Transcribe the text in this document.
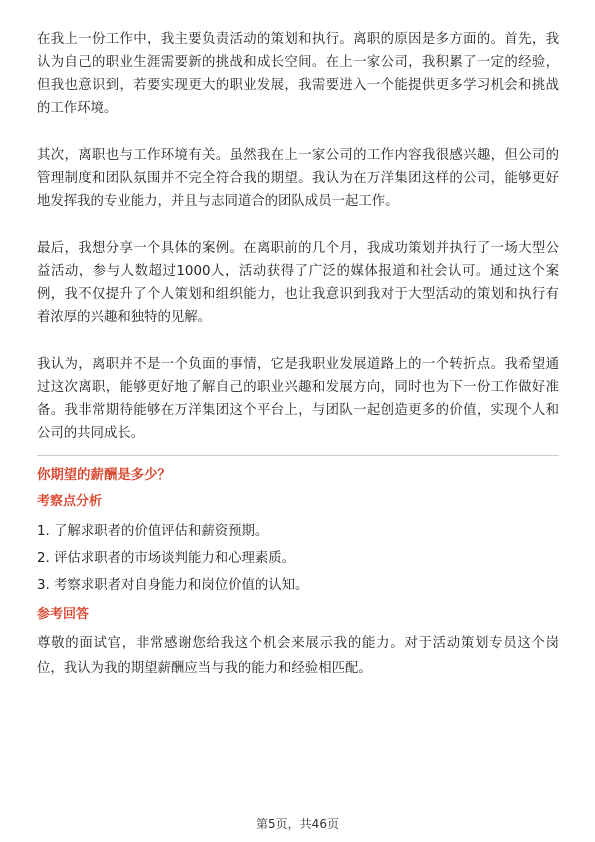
在我上一份工作中，我主要负责活动的策划和执行。离职的原因是多方面的。首先，我认为自己的职业生涯需要新的挑战和成长空间。在上一家公司，我积累了一定的经验，但我也意识到，若要实现更大的职业发展，我需要进入一个能提供更多学习机会和挑战的工作环境。

其次，离职也与工作环境有关。虽然我在上一家公司的工作内容我很感兴趣，但公司的管理制度和团队氛围并不完全符合我的期望。我认为在万洋集团这样的公司，能够更好地发挥我的专业能力，并且与志同道合的团队成员一起工作。

最后，我想分享一个具体的案例。在离职前的几个月，我成功策划并执行了一场大型公益活动，参与人数超过1000人，活动获得了广泛的媒体报道和社会认可。通过这个案例，我不仅提升了个人策划和组织能力，也让我意识到我对于大型活动的策划和执行有着浓厚的兴趣和独特的见解。

我认为，离职并不是一个负面的事情，它是我职业发展道路上的一个转折点。我希望通过这次离职，能够更好地了解自己的职业兴趣和发展方向，同时也为下一份工作做好准备。我非常期待能够在万洋集团这个平台上，与团队一起创造更多的价值，实现个人和公司的共同成长。

你期望的薪酬是多少？
考察点分析

1. 了解求职者的价值评估和薪资预期。

2. 评估求职者的市场谈判能力和心理素质。

3. 考察求职者对自身能力和岗位价值的认知。

参考回答

尊敬的面试官，非常感谢您给我这个机会来展示我的能力。对于活动策划专员这个岗位，我认为我的期望薪酬应当与我的能力和经验相匹配。

第5页，共46页
